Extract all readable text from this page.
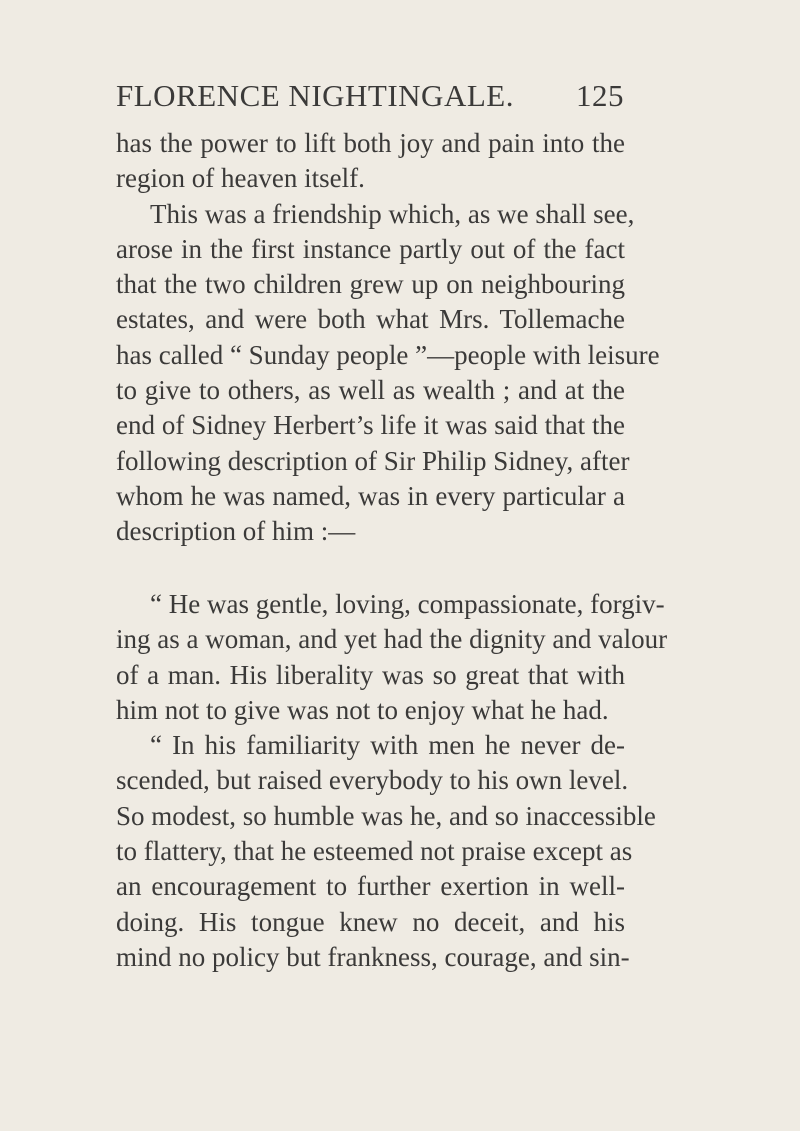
FLORENCE NIGHTINGALE. 125
has the power to lift both joy and pain into the
region of heaven itself.
This was a friendship which, as we shall see,
arose in the first instance partly out of the fact
that the two children grew up on neighbouring
estates, and were both what Mrs. Tollemache
has called “ Sunday people ”—people with leisure
to give to others, as well as wealth ; and at the
end of Sidney Herbert’s life it was said that the
following description of Sir Philip Sidney, after
whom he was named, was in every particular a
description of him :—
“ He was gentle, loving, compassionate, forgiv-
ing as a woman, and yet had the dignity and valour
of a man. His liberality was so great that with
him not to give was not to enjoy what he had.
“ In his familiarity with men he never de-
scended, but raised everybody to his own level.
So modest, so humble was he, and so inaccessible
to flattery, that he esteemed not praise except as
an encouragement to further exertion in well-
doing. His tongue knew no deceit, and his
mind no policy but frankness, courage, and sin-
